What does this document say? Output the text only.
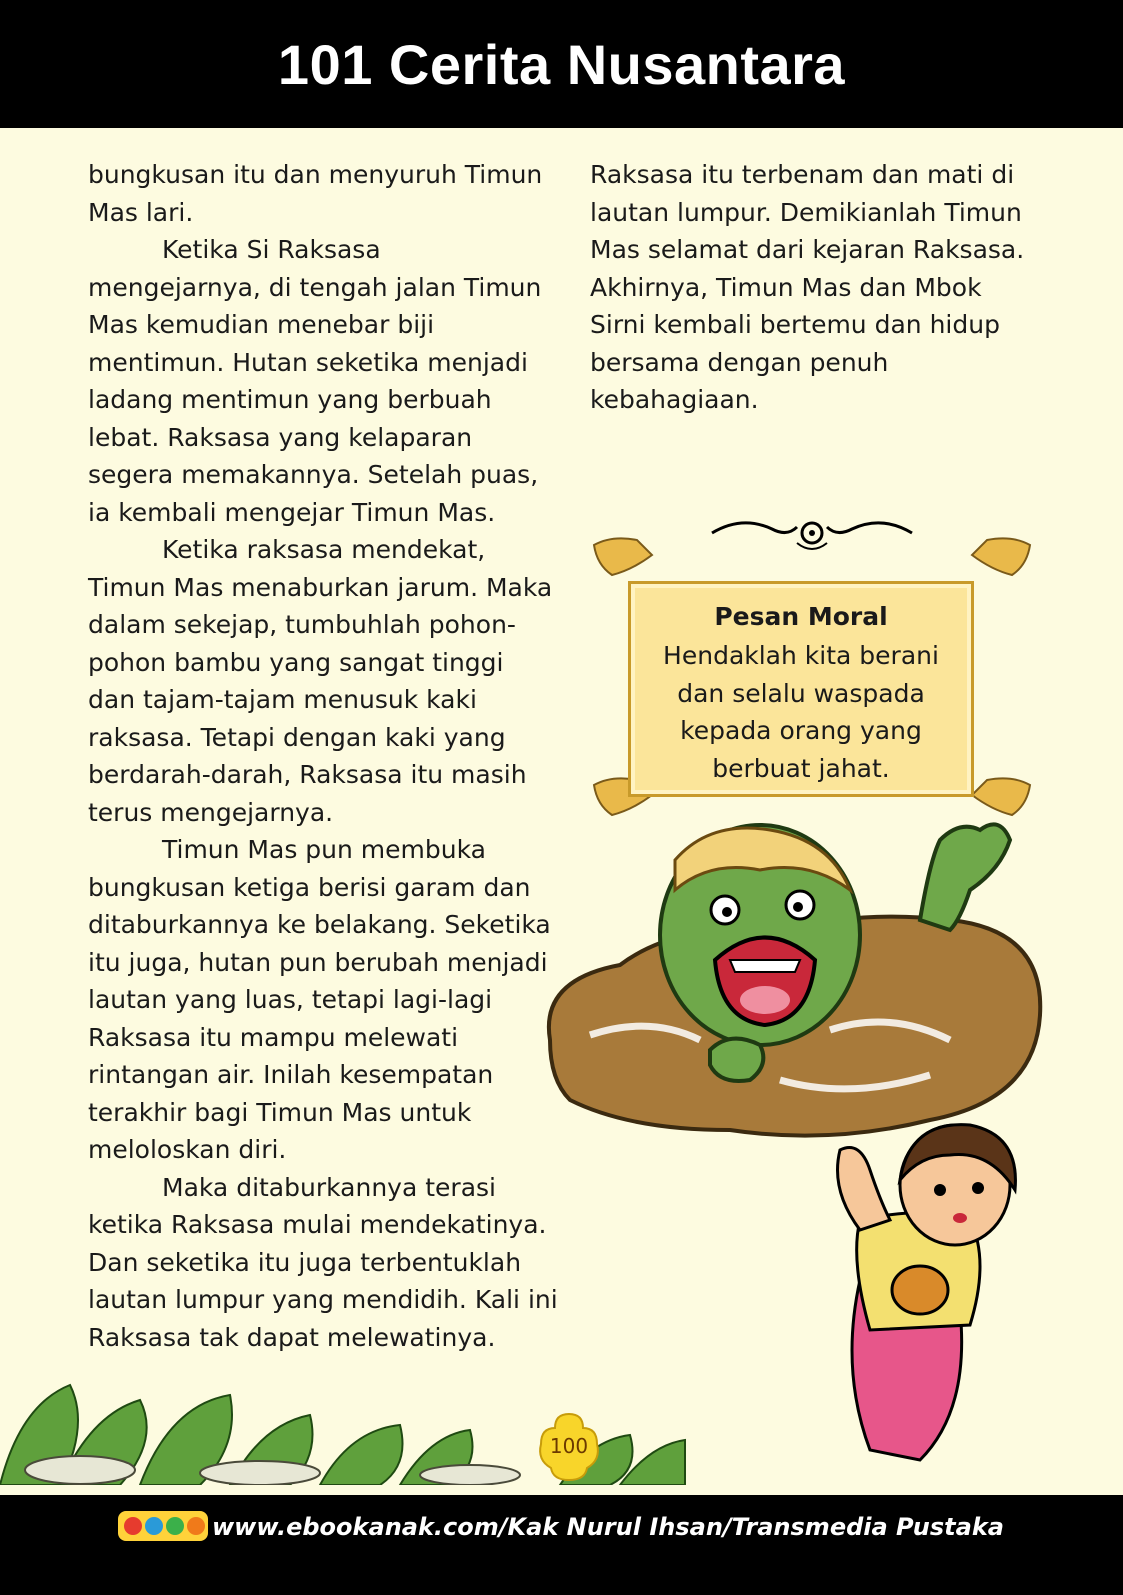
101 Cerita Nusantara

bungkusan itu dan menyuruh Timun Mas lari.

Ketika Si Raksasa mengejarnya, di tengah jalan Timun Mas kemudian menebar biji mentimun. Hutan seketika menjadi ladang mentimun yang berbuah lebat. Raksasa yang kelaparan segera memakannya. Setelah puas, ia kembali mengejar Timun Mas.

Ketika raksasa mendekat, Timun Mas menaburkan jarum. Maka dalam sekejap, tumbuhlah pohon-pohon bambu yang sangat tinggi dan tajam-tajam menusuk kaki raksasa. Tetapi dengan kaki yang berdarah-darah, Raksasa itu masih terus mengejarnya.

Timun Mas pun membuka bungkusan ketiga berisi garam dan ditaburkannya ke belakang. Seketika itu juga, hutan pun berubah menjadi lautan yang luas, tetapi lagi-lagi Raksasa itu mampu melewati rintangan air. Inilah kesempatan terakhir bagi Timun Mas untuk meloloskan diri.

Maka ditaburkannya terasi ketika Raksasa mulai mendekatinya. Dan seketika itu juga terbentuklah lautan lumpur yang mendidih. Kali ini Raksasa tak dapat melewatinya.

Raksasa itu terbenam dan mati di lautan lumpur. Demikianlah Timun Mas selamat dari kejaran Raksasa. Akhirnya, Timun Mas dan Mbok Sirni kembali bertemu dan hidup bersama dengan penuh kebahagiaan.

Pesan Moral

Hendaklah kita berani dan selalu waspada kepada orang yang berbuat jahat.

100
www.ebookanak.com/Kak Nurul Ihsan/Transmedia Pustaka
